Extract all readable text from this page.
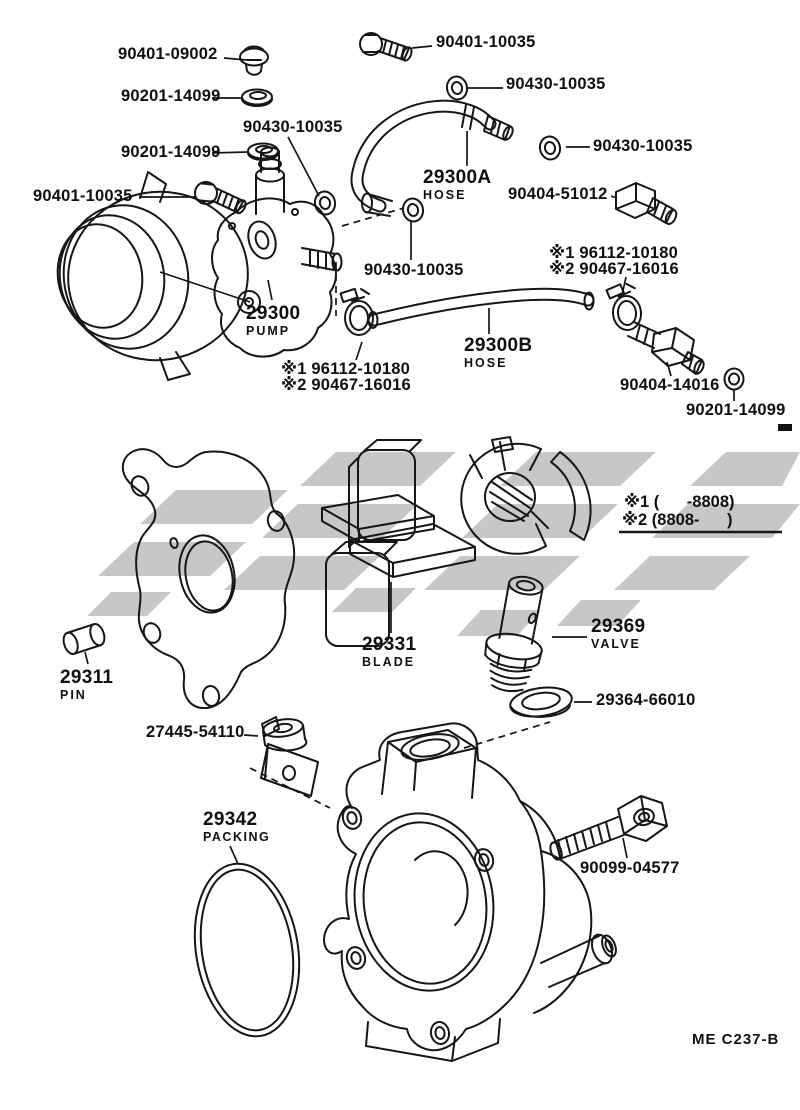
90401-09002
90401-10035
90430-10035
90201-14099
90430-10035
90201-14099
90401-10035
29300A
HOSE
90430-10035
90404-51012
※1 96112-10180
※2 90467-16016
90430-10035
29300
PUMP
29300B
HOSE
※1 96112-10180
※2 90467-16016	90404-14016
90201-14099
29331
BLADE
29369
VALVE
29364-66010
29311
PIN
27445-54110
29342
PACKING
90099-04577
※1 (      -8808)
※2 (8808-      )
ME C237-B
